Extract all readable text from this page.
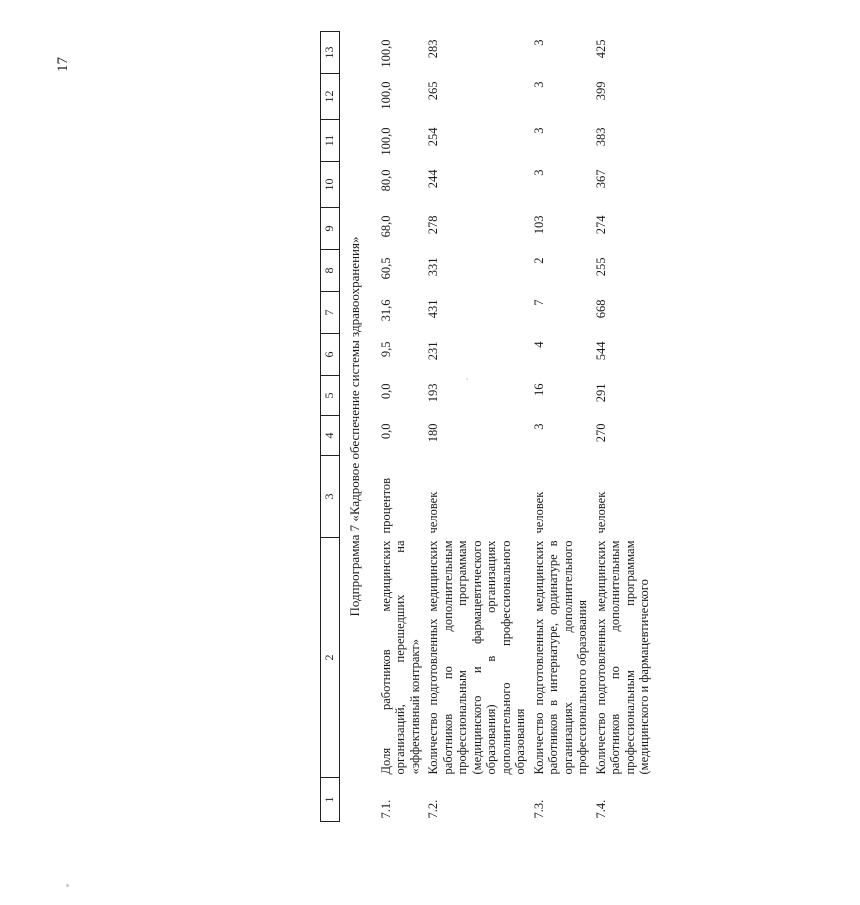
17
1	2	3	4	5	6	7	8	9	10	11	12	13
Подпрограмма 7 «Кадровое обеспечение системы здравоохранения»												
7.1.	Доля работников медицинских организаций, перешедших на «эффективный контракт»	процентов	0,0	0,0	9,5	31,6	60,5	68,0	80,0	100,0	100,0	100,0
7.2.	Количество подготовленных медицинских работников по дополнительным профессиональным программам (медицинского и фармацевтического образования) в организациях дополнительного профессионального образования	человек	180	193	231	431	331	278	244	254	265	283
7.3.	Количество подготовленных медицинских работников в интернатуре, ординатуре в организациях дополнительного профессионального образования	человек	3	16	4	7	2	103	3	3	3	3
7.4.	Количество подготовленных медицинских работников по дополнительным профессиональным программам (медицинского и фармацевтического	человек	270	291	544	668	255	274	367	383	399	425
